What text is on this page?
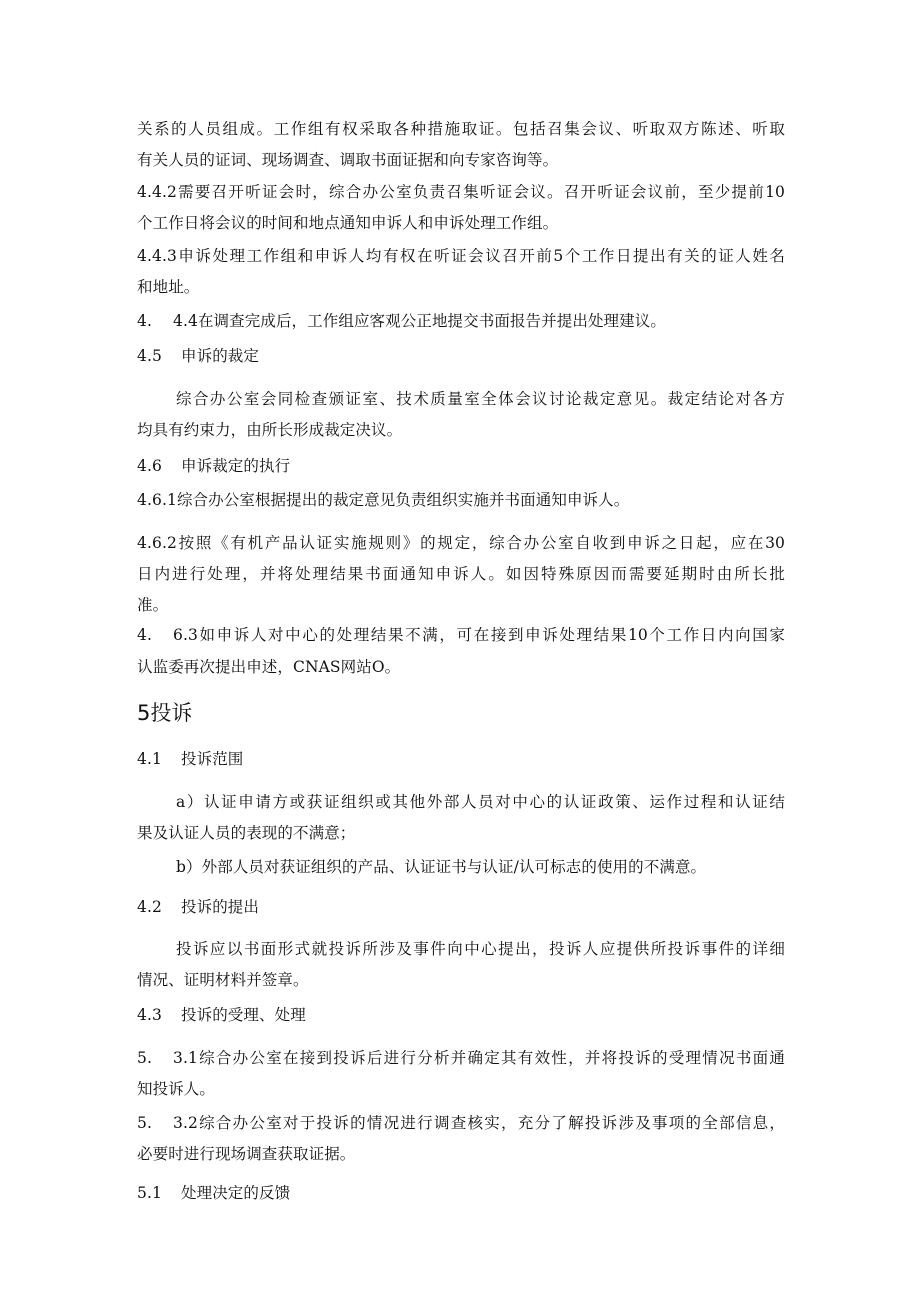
关系的人员组成。工作组有权采取各种措施取证。包括召集会议、听取双方陈述、听取

有关人员的证词、现场调查、调取书面证据和向专家咨询等。

4.4.2需要召开听证会时，综合办公室负责召集听证会议。召开听证会议前，至少提前10

个工作日将会议的时间和地点通知申诉人和申诉处理工作组。

4.4.3申诉处理工作组和申诉人均有权在听证会议召开前5个工作日提出有关的证人姓名

和地址。

4. 4.4在调查完成后，工作组应客观公正地提交书面报告并提出处理建议。

4.5 申诉的裁定

综合办公室会同检查颁证室、技术质量室全体会议讨论裁定意见。裁定结论对各方

均具有约束力，由所长形成裁定决议。

4.6 申诉裁定的执行

4.6.1综合办公室根据提出的裁定意见负责组织实施并书面通知申诉人。

4.6.2按照《有机产品认证实施规则》的规定，综合办公室自收到申诉之日起，应在30

日内进行处理，并将处理结果书面通知申诉人。如因特殊原因而需要延期时由所长批

准。

4. 6.3如申诉人对中心的处理结果不满，可在接到申诉处理结果10个工作日内向国家

认监委再次提出申述，CNAS网站O。

5投诉

4.1 投诉范围

a）认证申请方或获证组织或其他外部人员对中心的认证政策、运作过程和认证结

果及认证人员的表现的不满意；

b）外部人员对获证组织的产品、认证证书与认证/认可标志的使用的不满意。

4.2 投诉的提出

投诉应以书面形式就投诉所涉及事件向中心提出，投诉人应提供所投诉事件的详细

情况、证明材料并签章。

4.3 投诉的受理、处理

5. 3.1综合办公室在接到投诉后进行分析并确定其有效性，并将投诉的受理情况书面通

知投诉人。

5. 3.2综合办公室对于投诉的情况进行调查核实，充分了解投诉涉及事项的全部信息，

必要时进行现场调查获取证据。

5.1 处理决定的反馈
